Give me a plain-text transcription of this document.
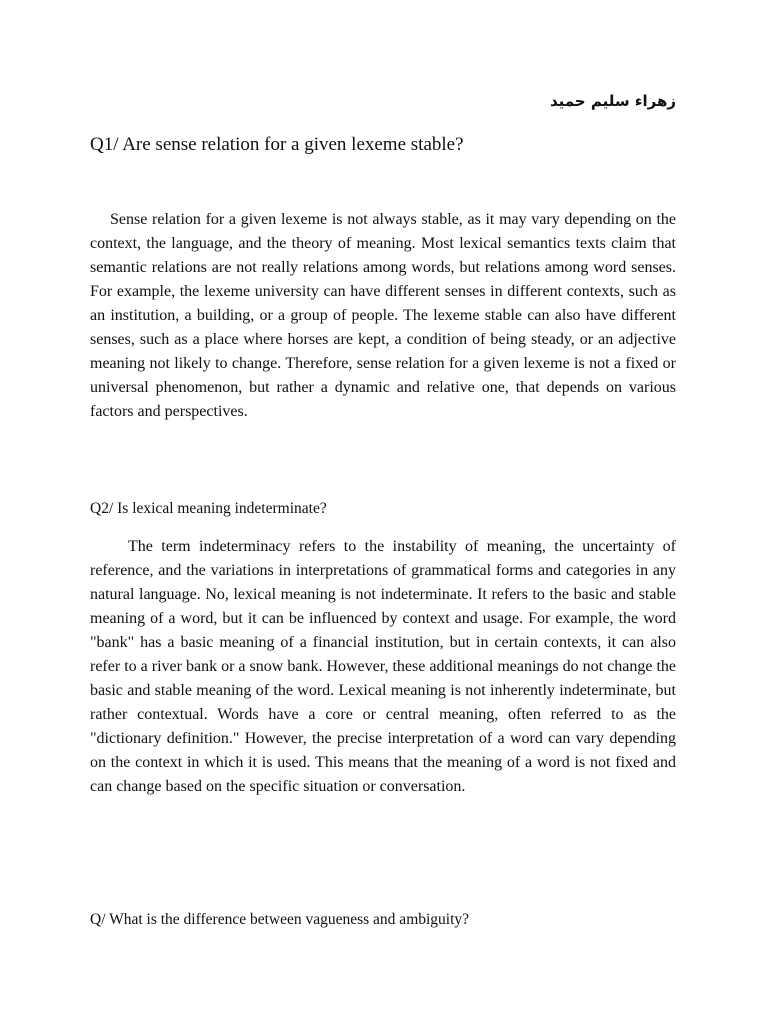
زهراء سليم حميد
Q1/ Are sense relation for a given lexeme stable?

Sense relation for a given lexeme is not always stable, as it may vary depending on the context, the language, and the theory of meaning. Most lexical semantics texts claim that semantic relations are not really relations among words, but relations among word senses. For example, the lexeme university can have different senses in different contexts, such as an institution, a building, or a group of people. The lexeme stable can also have different senses, such as a place where horses are kept, a condition of being steady, or an adjective meaning not likely to change. Therefore, sense relation for a given lexeme is not a fixed or universal phenomenon, but rather a dynamic and relative one, that depends on various factors and perspectives.

Q2/ Is lexical meaning indeterminate?

The term indeterminacy refers to the instability of meaning, the uncertainty of reference, and the variations in interpretations of grammatical forms and categories in any natural language. No, lexical meaning is not indeterminate. It refers to the basic and stable meaning of a word, but it can be influenced by context and usage. For example, the word "bank" has a basic meaning of a financial institution, but in certain contexts, it can also refer to a river bank or a snow bank. However, these additional meanings do not change the basic and stable meaning of the word. Lexical meaning is not inherently indeterminate, but rather contextual. Words have a core or central meaning, often referred to as the "dictionary definition." However, the precise interpretation of a word can vary depending on the context in which it is used. This means that the meaning of a word is not fixed and can change based on the specific situation or conversation.

Q/ What is the difference between vagueness and ambiguity?
